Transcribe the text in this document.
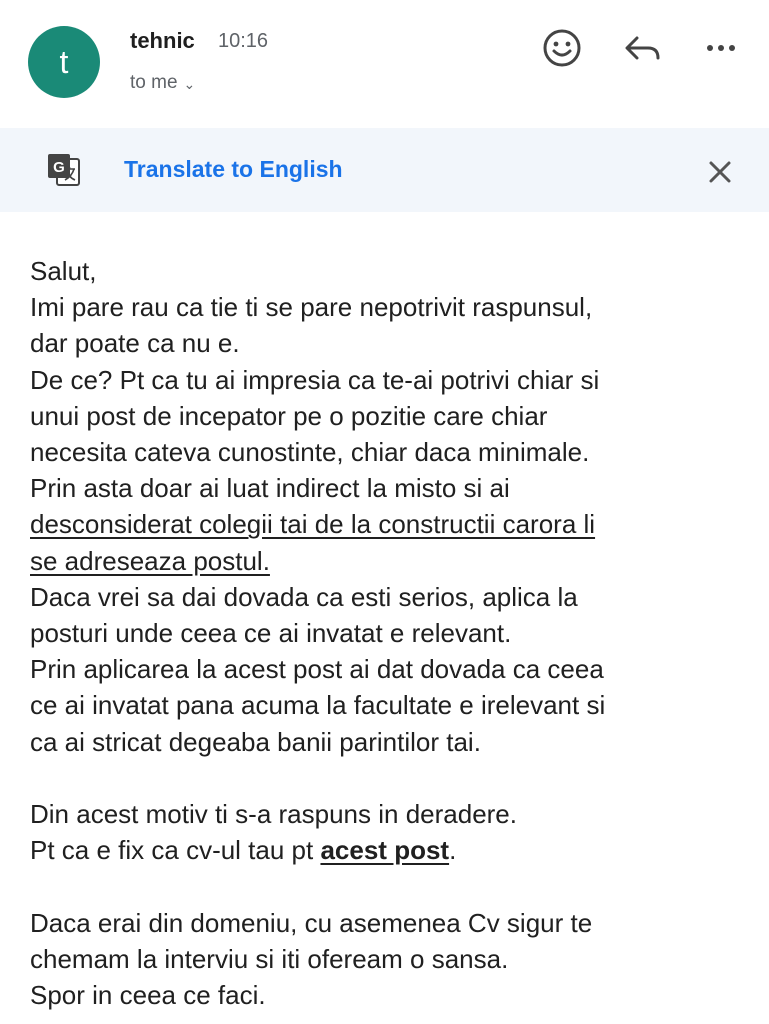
t
tehnic 10:16
to me ⌄
G	Translate to English

Salut,

Imi pare rau ca tie ti se pare nepotrivit raspunsul,

dar poate ca nu e.

De ce? Pt ca tu ai impresia ca te-ai potrivi chiar si

unui post de incepator pe o pozitie care chiar

necesita cateva cunostinte, chiar daca minimale.

Prin asta doar ai luat indirect la misto si ai

desconsiderat colegii tai de la constructii carora li

se adreseaza postul.

Daca vrei sa dai dovada ca esti serios, aplica la

posturi unde ceea ce ai invatat e relevant.

Prin aplicarea la acest post ai dat dovada ca ceea

ce ai invatat pana acuma la facultate e irelevant si

ca ai stricat degeaba banii parintilor tai.

Din acest motiv ti s-a raspuns in deradere.

Pt ca e fix ca cv-ul tau pt acest post.

Daca erai din domeniu, cu asemenea Cv sigur te

chemam la interviu si iti ofeream o sansa.

Spor in ceea ce faci.
